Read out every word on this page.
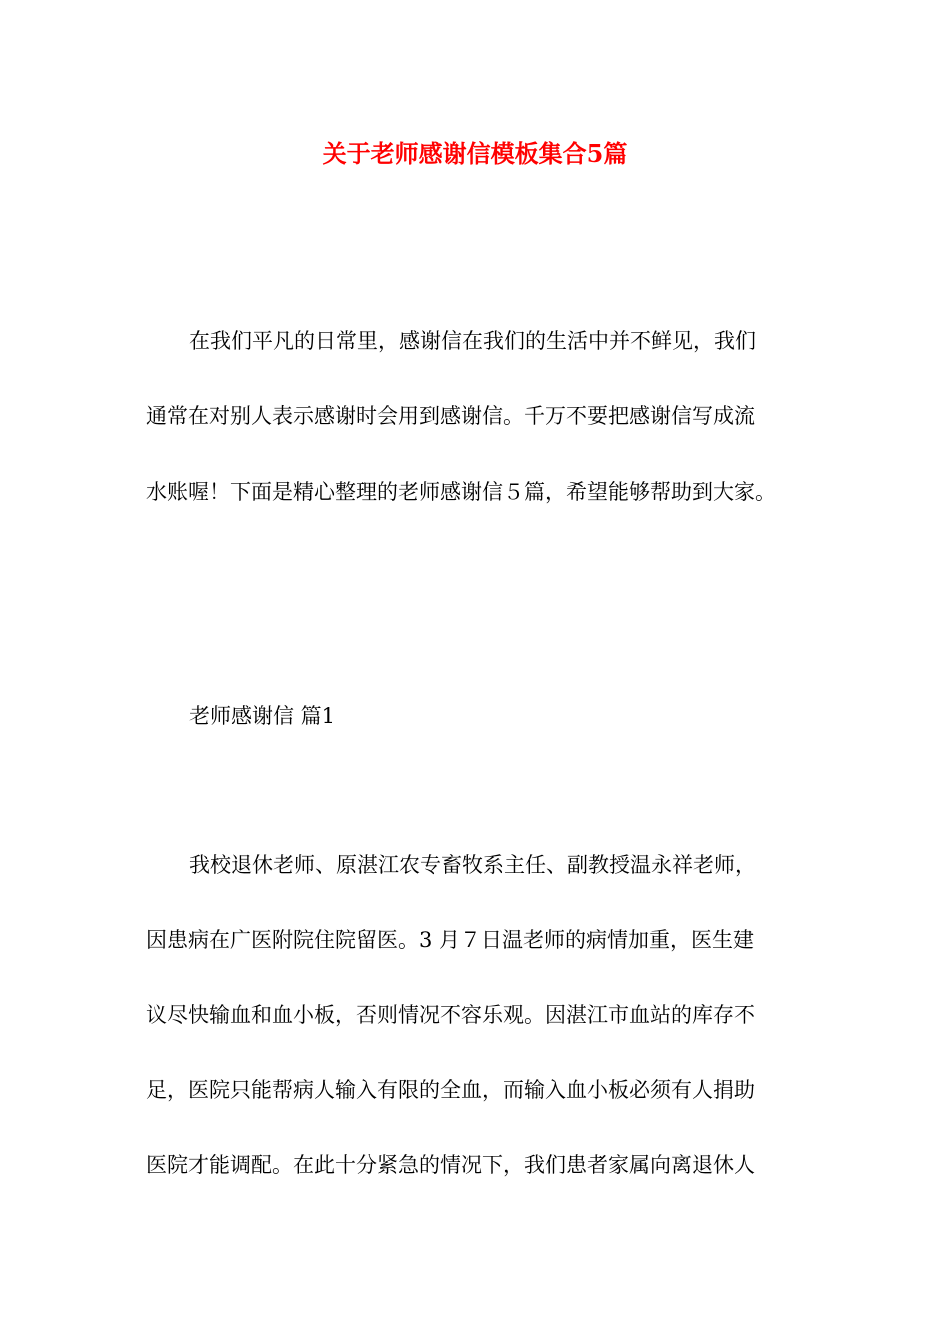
关于老师感谢信模板集合5篇

在我们平凡的日常里，感谢信在我们的生活中并不鲜见，我们

通常在对别人表示感谢时会用到感谢信。千万不要把感谢信写成流

水账喔！下面是精心整理的老师感谢信５篇，希望能够帮助到大家。

老师感谢信 篇1

我校退休老师、原湛江农专畜牧系主任、副教授温永祥老师，

因患病在广医附院住院留医。3 月７日温老师的病情加重，医生建

议尽快输血和血小板，否则情况不容乐观。因湛江市血站的库存不

足，医院只能帮病人输入有限的全血，而输入血小板必须有人捐助

医院才能调配。在此十分紧急的情况下，我们患者家属向离退休人
